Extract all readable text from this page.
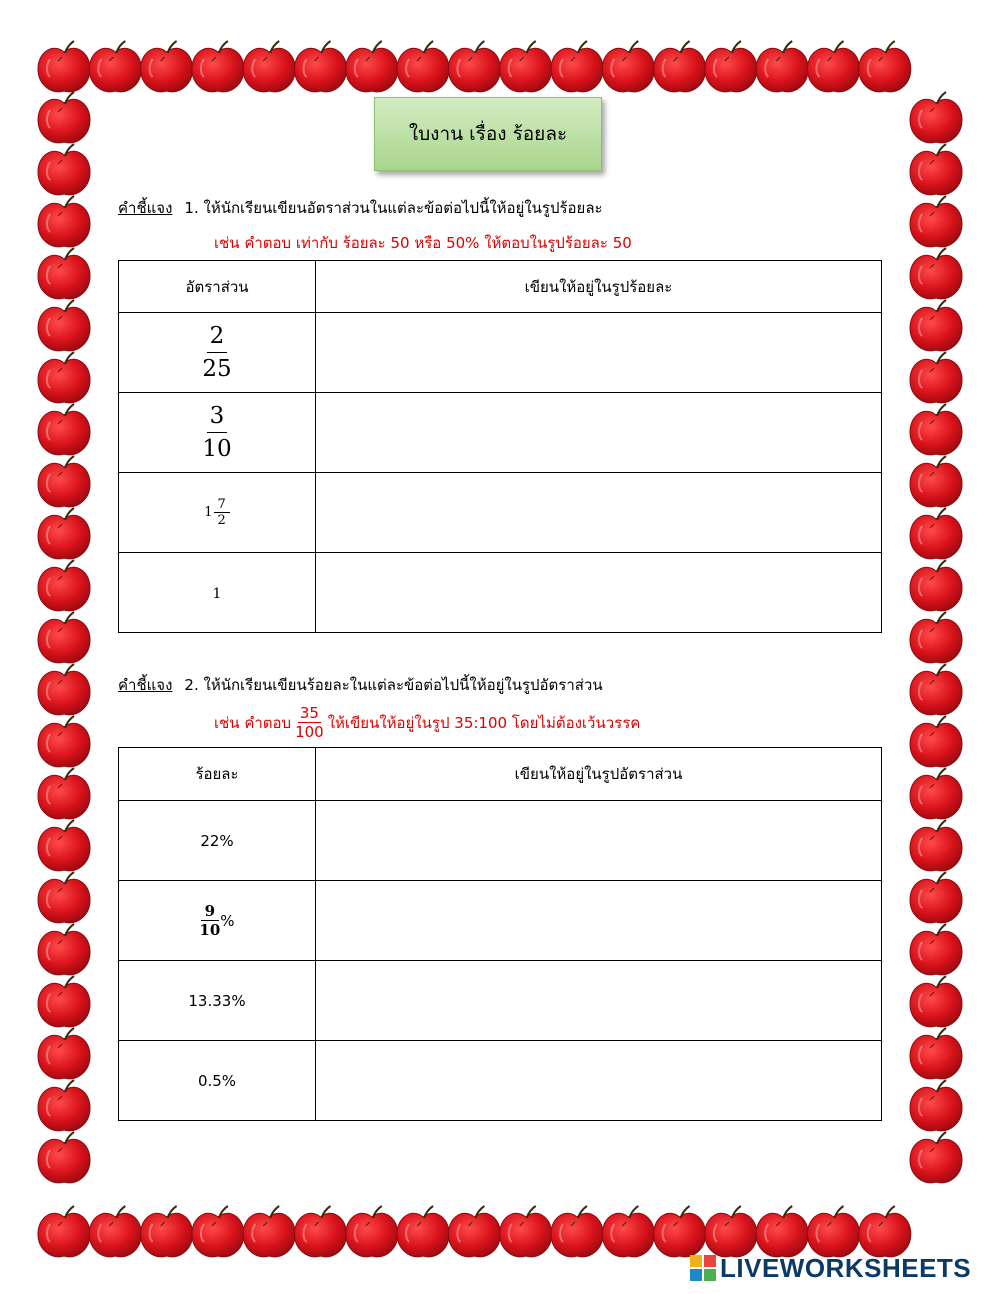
ใบงาน เรื่อง ร้อยละ
คำชี้แจง 1. ให้นักเรียนเขียนอัตราส่วนในแต่ละข้อต่อไปนี้ให้อยู่ในรูปร้อยละ
เช่น คำตอบ เท่ากับ ร้อยละ 50 หรือ 50% ให้ตอบในรูปร้อยละ 50
อัตราส่วน	เขียนให้อยู่ในรูปร้อยละ

$\frac{2}{25}$

$\frac{3}{10}$

$1 \frac{7}{2}$

1	
คำชี้แจง 2. ให้นักเรียนเขียนร้อยละในแต่ละข้อต่อไปนี้ให้อยู่ในรูปอัตราส่วน
เช่น คำตอบ $\frac{35}{100}$ ให้เขียนให้อยู่ในรูป 35:100 โดยไม่ต้องเว้นวรรค
ร้อยละ	เขียนให้อยู่ในรูปอัตราส่วน
22%	

$\frac{9}{10}$ %	

13.33%	
0.5%	
LIVEWORKSHEETS
